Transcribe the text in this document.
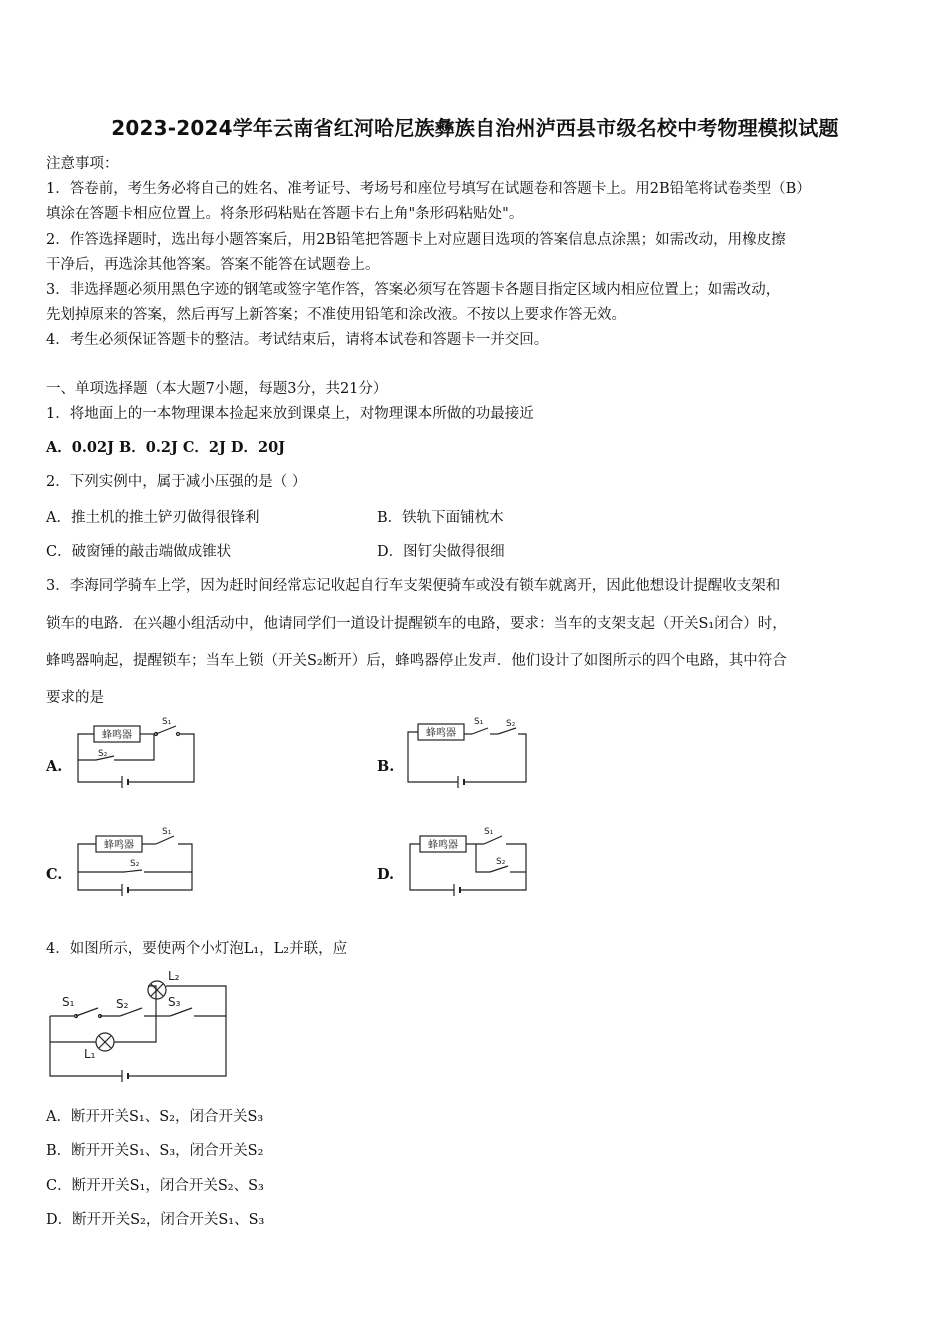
2023-2024学年云南省红河哈尼族彝族自治州泸西县市级名校中考物理模拟试题
注意事项：
1．答卷前，考生务必将自己的姓名、准考证号、考场号和座位号填写在试题卷和答题卡上。用2B铅笔将试卷类型（B）
填涂在答题卡相应位置上。将条形码粘贴在答题卡右上角"条形码粘贴处"。
2．作答选择题时，选出每小题答案后，用2B铅笔把答题卡上对应题目选项的答案信息点涂黑；如需改动，用橡皮擦
干净后，再选涂其他答案。答案不能答在试题卷上。
3．非选择题必须用黑色字迹的钢笔或签字笔作答，答案必须写在答题卡各题目指定区域内相应位置上；如需改动，
先划掉原来的答案，然后再写上新答案；不准使用铅笔和涂改液。不按以上要求作答无效。
4．考生必须保证答题卡的整洁。考试结束后，请将本试卷和答题卡一并交回。
一、单项选择题（本大题7小题，每题3分，共21分）
1．将地面上的一本物理课本捡起来放到课桌上，对物理课本所做的功最接近
A．0.02J B．0.2J C．2J D．20J
2．下列实例中，属于减小压强的是（ ）
A．推土机的推土铲刃做得很锋利	B．铁轨下面铺枕木
C．破窗锤的敲击端做成锥状	D．图钉尖做得很细
3．李海同学骑车上学，因为赶时间经常忘记收起自行车支架便骑车或没有锁车就离开，因此他想设计提醒收支架和
锁车的电路．在兴趣小组活动中，他请同学们一道设计提醒锁车的电路，要求：当车的支架支起（开关S₁闭合）时，
蜂鸣器响起，提醒锁车；当车上锁（开关S₂断开）后，蜂鸣器停止发声．他们设计了如图所示的四个电路，其中符合
要求的是
A.	B.
C.	D.
蜂鸣器
S₁
S₂
蜂鸣器
S₁	S₂
蜂鸣器
S₁
S₂
蜂鸣器
S₁
S₂
4．如图所示，要使两个小灯泡L₁，L₂并联，应
S₁	S₂
L₂
S₃
L₁
A．断开开关S₁、S₂，闭合开关S₃
B．断开开关S₁、S₃，闭合开关S₂
C．断开开关S₁，闭合开关S₂、S₃
D．断开开关S₂，闭合开关S₁、S₃
